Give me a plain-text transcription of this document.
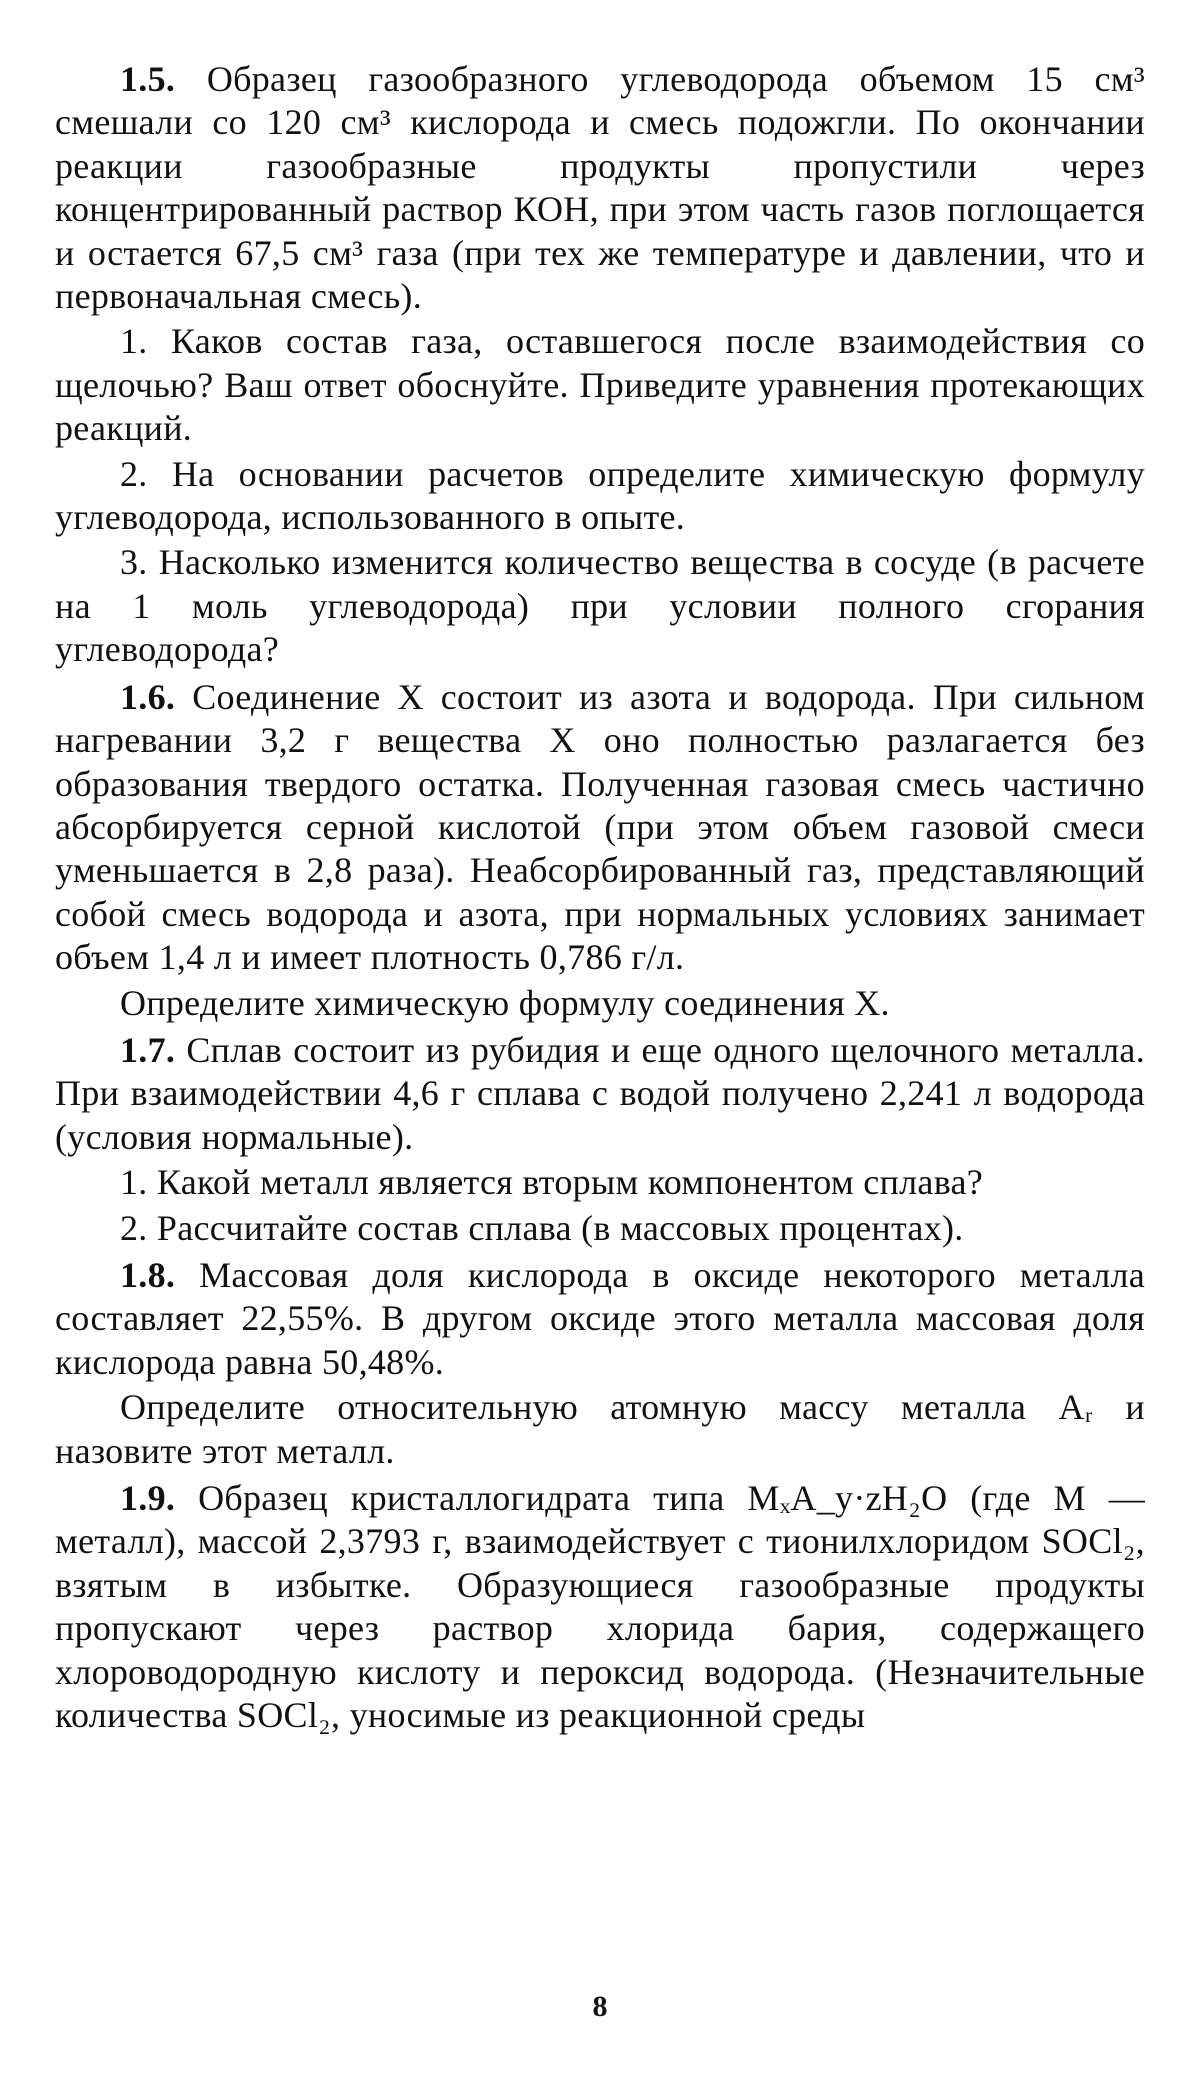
1.5. Образец газообразного углеводорода объемом 15 см³ смешали со 120 см³ кислорода и смесь подожгли. По окончании реакции газообразные продукты пропустили через концентрированный раствор КОН, при этом часть газов поглощается и остается 67,5 см³ газа (при тех же температуре и давлении, что и первоначальная смесь).

1. Каков состав газа, оставшегося после взаимодействия со щелочью? Ваш ответ обоснуйте. Приведите уравнения протекающих реакций.

2. На основании расчетов определите химическую формулу углеводорода, использованного в опыте.

3. Насколько изменится количество вещества в сосуде (в расчете на 1 моль углеводорода) при условии полного сгорания углеводорода?

1.6. Соединение X состоит из азота и водорода. При сильном нагревании 3,2 г вещества X оно полностью разлагается без образования твердого остатка. Полученная газовая смесь частично абсорбируется серной кислотой (при этом объем газовой смеси уменьшается в 2,8 раза). Неабсорбированный газ, представляющий собой смесь водорода и азота, при нормальных условиях занимает объем 1,4 л и имеет плотность 0,786 г/л.

Определите химическую формулу соединения X.

1.7. Сплав состоит из рубидия и еще одного щелочного металла. При взаимодействии 4,6 г сплава с водой получено 2,241 л водорода (условия нормальные).

1. Какой металл является вторым компонентом сплава?

2. Рассчитайте состав сплава (в массовых процентах).

1.8. Массовая доля кислорода в оксиде некоторого металла составляет 22,55%. В другом оксиде этого металла массовая доля кислорода равна 50,48%.

Определите относительную атомную массу металла Aᵣ и назовите этот металл.

1.9. Образец кристаллогидрата типа MₓA_y·zH₂O (где M — металл), массой 2,3793 г, взаимодействует с тионилхлоридом SOCl₂, взятым в избытке. Образующиеся газообразные продукты пропускают через раствор хлорида бария, содержащего хлороводородную кислоту и пероксид водорода. (Незначительные количества SOCl₂, уносимые из реакционной среды

8
